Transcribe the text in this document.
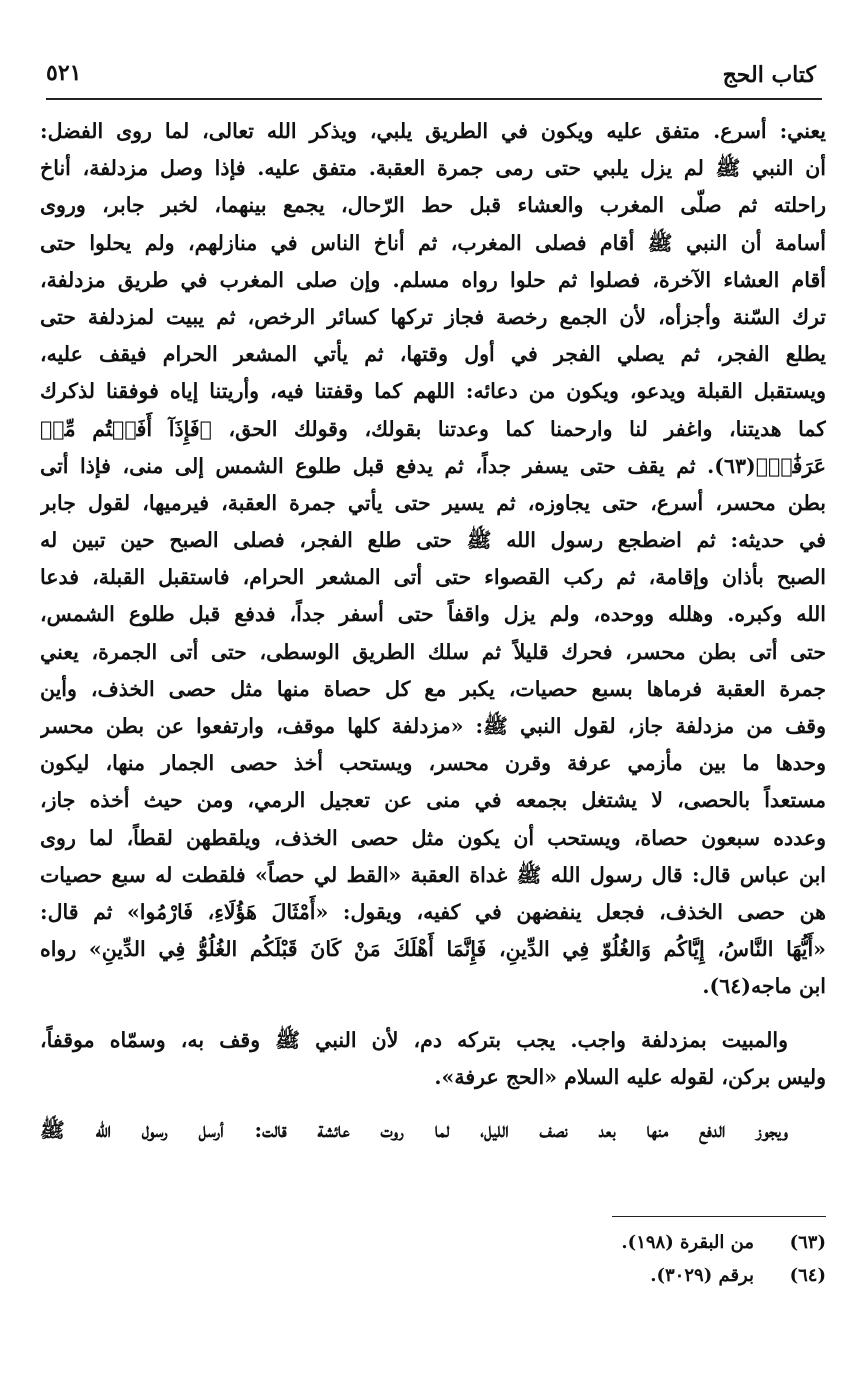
كتاب الحج
٥٢١
يعني: أسرع. متفق عليه ويكون في الطريق يلبي، ويذكر الله تعالى، لما روى الفضل:
أن النبي ﷺ لم يزل يلبي حتى رمى جمرة العقبة. متفق عليه. فإذا وصل مزدلفة، أناخ
راحلته ثم صلّى المغرب والعشاء قبل حط الرّحال، يجمع بينهما، لخبر جابر، وروى
أسامة أن النبي ﷺ أقام فصلى المغرب، ثم أناخ الناس في منازلهم، ولم يحلوا حتى
أقام العشاء الآخرة، فصلوا ثم حلوا رواه مسلم. وإن صلى المغرب في طريق مزدلفة،
ترك السّنة وأجزأه، لأن الجمع رخصة فجاز تركها كسائر الرخص، ثم يبيت لمزدلفة حتى
يطلع الفجر، ثم يصلي الفجر في أول وقتها، ثم يأتي المشعر الحرام فيقف عليه،
ويستقبل القبلة ويدعو، ويكون من دعائه: اللهم كما وقفتنا فيه، وأريتنا إياه فوفقنا لذكرك
كما هديتنا، واغفر لنا وارحمنا كما وعدتنا بقولك، وقولك الحق، ﴿فَإِذَآ أَفَضۡتُم مِّنۡ
عَرَفَٰتٖ﴾(٦٣). ثم يقف حتى يسفر جداً، ثم يدفع قبل طلوع الشمس إلى منى، فإذا أتى
بطن محسر، أسرع، حتى يجاوزه، ثم يسير حتى يأتي جمرة العقبة، فيرميها، لقول جابر
في حديثه: ثم اضطجع رسول الله ﷺ حتى طلع الفجر، فصلى الصبح حين تبين له
الصبح بأذان وإقامة، ثم ركب القصواء حتى أتى المشعر الحرام، فاستقبل القبلة، فدعا
الله وكبره. وهلله ووحده، ولم يزل واقفاً حتى أسفر جداً، فدفع قبل طلوع الشمس،
حتى أتى بطن محسر، فحرك قليلاً ثم سلك الطريق الوسطى، حتى أتى الجمرة، يعني
جمرة العقبة فرماها بسبع حصيات، يكبر مع كل حصاة منها مثل حصى الخذف، وأين
وقف من مزدلفة جاز، لقول النبي ﷺ: «مزدلفة كلها موقف، وارتفعوا عن بطن محسر
وحدها ما بين مأزمي عرفة وقرن محسر، ويستحب أخذ حصى الجمار منها، ليكون
مستعداً بالحصى، لا يشتغل بجمعه في منى عن تعجيل الرمي، ومن حيث أخذه جاز،
وعدده سبعون حصاة، ويستحب أن يكون مثل حصى الخذف، ويلقطهن لقطاً، لما روى
ابن عباس قال: قال رسول الله ﷺ غداة العقبة «القط لي حصاً» فلقطت له سبع حصيات
هن حصى الخذف، فجعل ينفضهن في كفيه، ويقول: «أَمْثَالَ هَؤُلَاءِ، فَارْمُوا» ثم قال:
«أَيُّهَا النَّاسُ، إِيَّاكُم وَالغُلُوّ فِي الدِّينِ، فَإِنَّمَا أَهْلَكَ مَنْ كَانَ قَبْلَكُم الغُلُوُّ فِي الدِّينِ» رواه
ابن ماجه(٦٤).
والمبيت بمزدلفة واجب. يجب بتركه دم، لأن النبي ﷺ وقف به، وسمّاه موقفاً،
وليس بركن، لقوله عليه السلام «الحج عرفة».
ويجوز الدفع منها بعد نصف الليل، لما روت عائشة قالت: أرسل رسول الله ﷺ
(٦٣)من البقرة (١٩٨).
(٦٤)برقم (٣٠٢٩).
